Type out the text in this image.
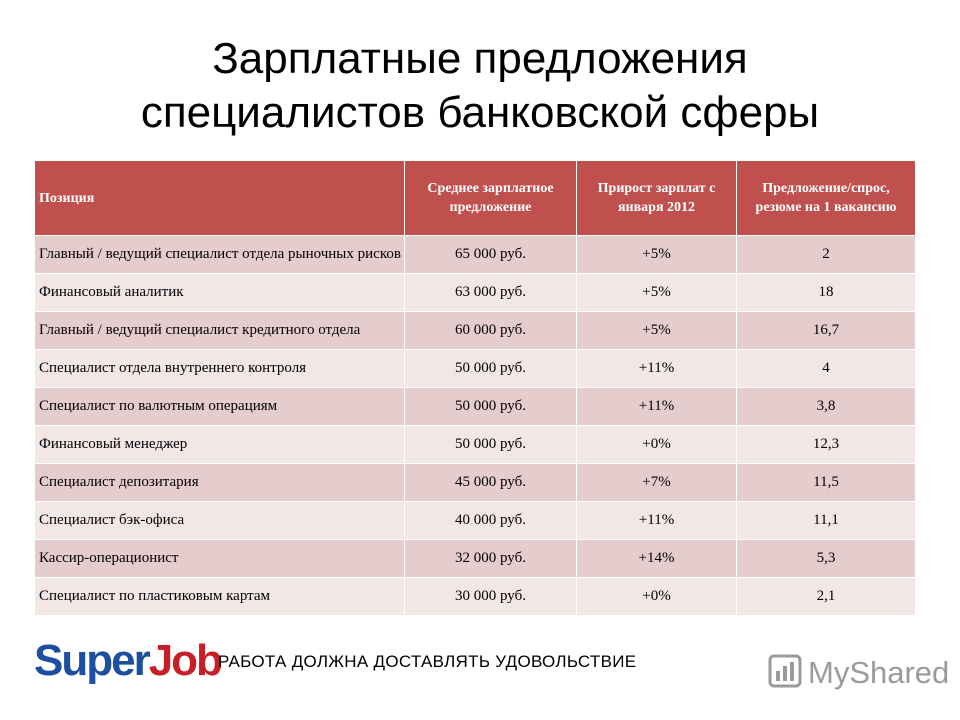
Зарплатные предложения
специалистов банковской сферы
Позиция	Среднее зарплатное предложение	Прирост зарплат с января 2012	Предложение/спрос, резюме на 1 вакансию
Главный / ведущий специалист отдела рыночных рисков	65 000 руб.	+5%	2
Финансовый аналитик	63 000 руб.	+5%	18
Главный / ведущий специалист кредитного отдела	60 000 руб.	+5%	16,7
Специалист отдела внутреннего контроля	50 000 руб.	+11%	4
Специалист по валютным операциям	50 000 руб.	+11%	3,8
Финансовый менеджер	50 000 руб.	+0%	12,3
Специалист депозитария	45 000 руб.	+7%	11,5
Специалист бэк-офиса	40 000 руб.	+11%	11,1
Кассир-операционист	32 000 руб.	+14%	5,3
Специалист по пластиковым картам	30 000 руб.	+0%	2,1
SuperJob
РАБОТА ДОЛЖНА ДОСТАВЛЯТЬ УДОВОЛЬСТВИЕ	MyShared
